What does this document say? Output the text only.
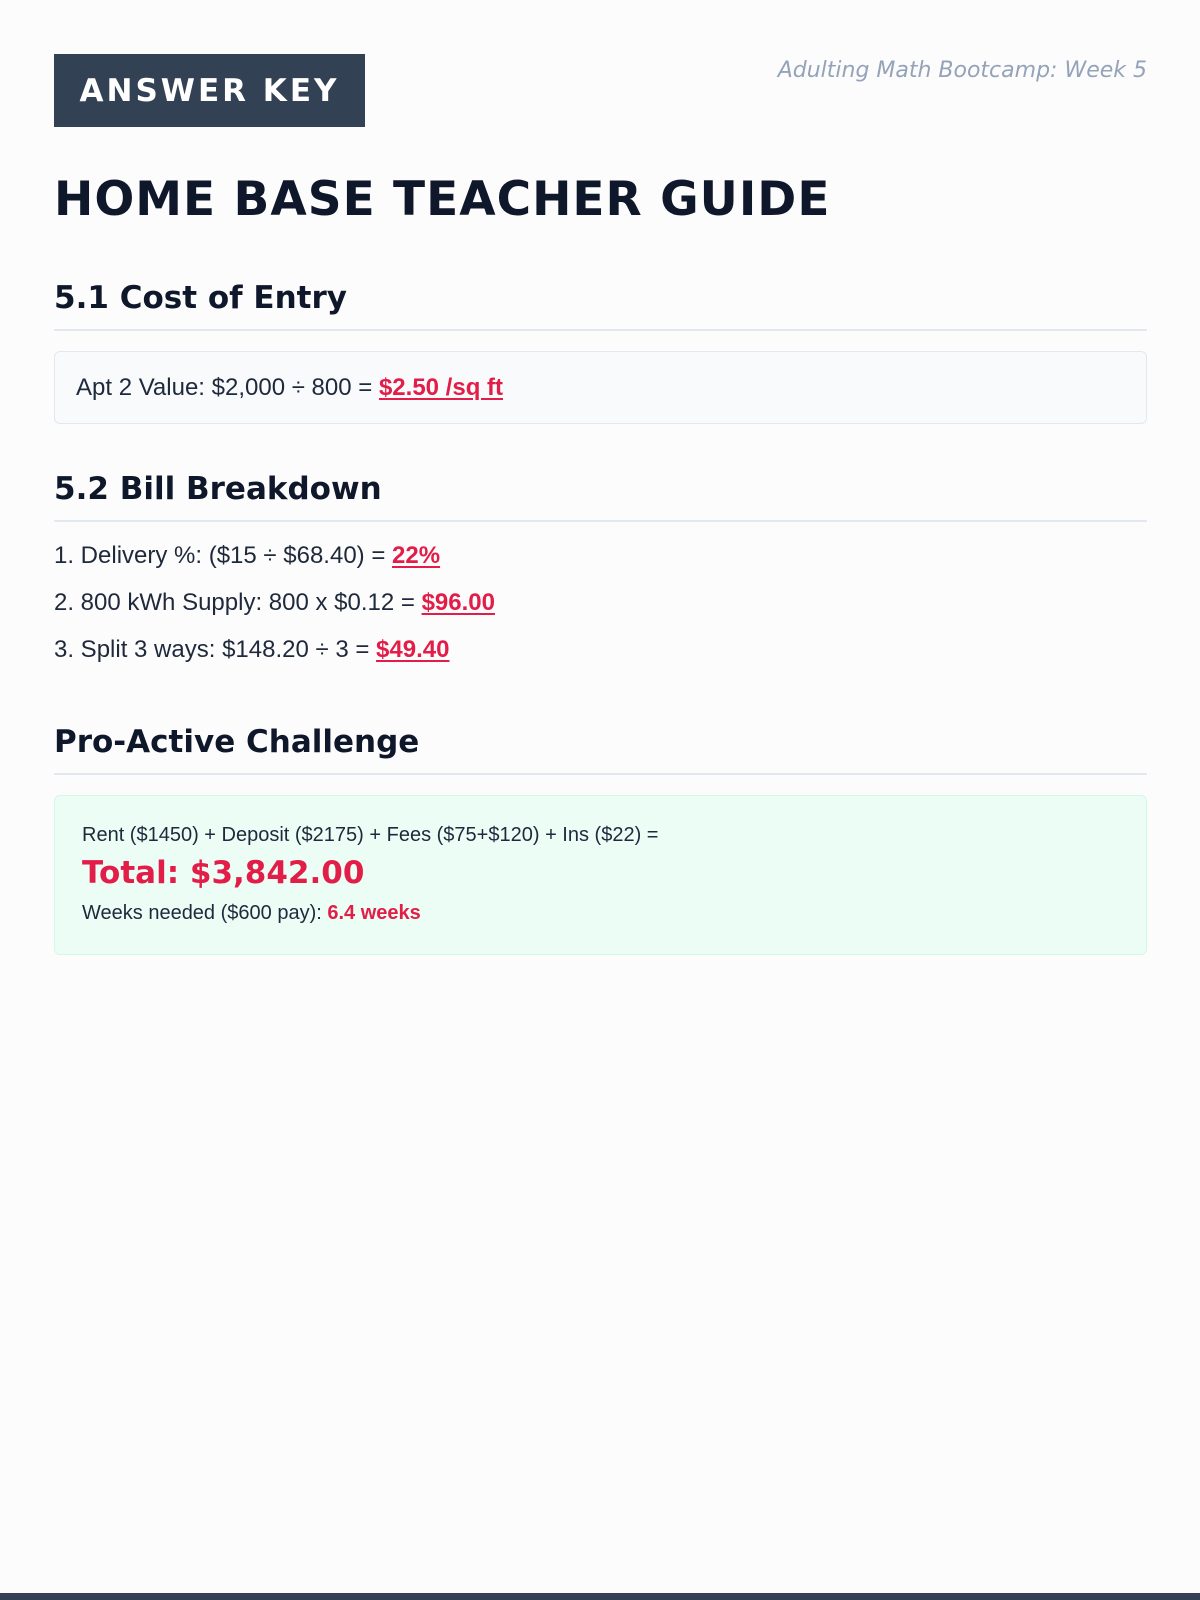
ANSWER KEY
Adulting Math Bootcamp: Week 5
HOME BASE TEACHER GUIDE
5.1 Cost of Entry
Apt 2 Value: $2,000 ÷ 800 = $2.50 /sq ft
5.2 Bill Breakdown
1. Delivery %: ($15 ÷ $68.40) = 22%
2. 800 kWh Supply: 800 x $0.12 = $96.00
3. Split 3 ways: $148.20 ÷ 3 = $49.40
Pro-Active Challenge
Rent ($1450) + Deposit ($2175) + Fees ($75+$120) + Ins ($22) =
Total: $3,842.00
Weeks needed ($600 pay): 6.4 weeks
